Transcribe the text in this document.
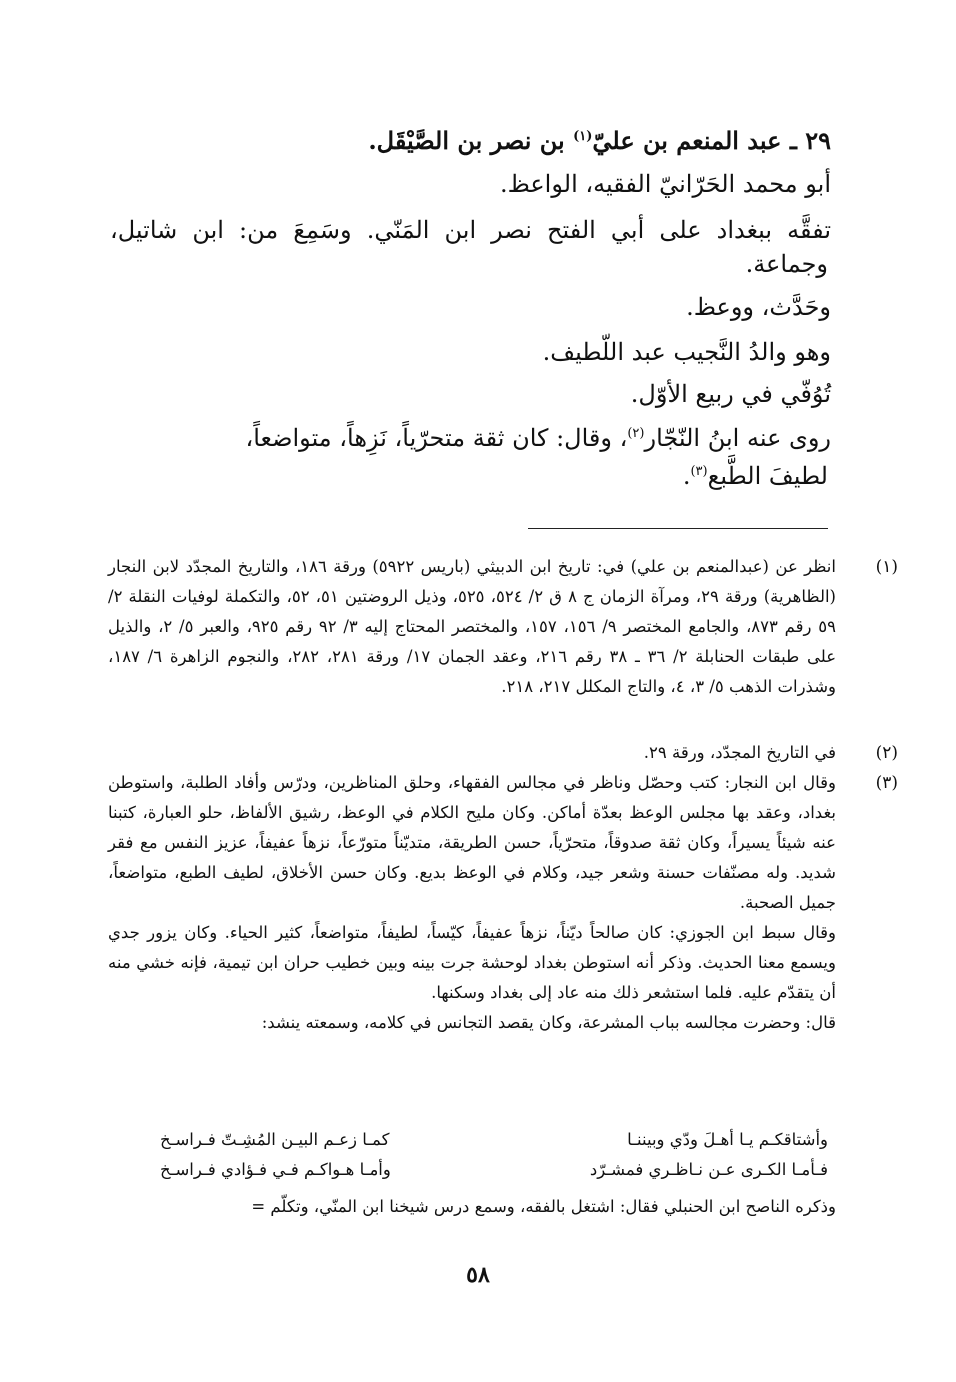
٢٩ ـ عبد المنعم بن عليّ$^{(١)}$ بن نصر بن الصَّيْقَل.
أبو محمد الحَرّانيّ الفقيه، الواعظ.
تفقَّه ببغداد على أبي الفتح نصر ابن المَنّي. وسَمِعَ من: ابن شاتيل،
وجماعة.
وحَدَّث، ووعظ.
وهو والدُ النَّجيب عبد اللّطيف.
تُوُفّي في ربيع الأوّل.
روى عنه ابنُ النّجّار$^{(٢)}$، وقال: كان ثقة متحرّياً، نَزِهاً، متواضعاً،
لطيفَ الطَّبع$^{(٣)}$.
(١)

انظر عن (عبدالمنعم بن علي) في: تاريخ ابن الدبيثي (باريس ٥٩٢٢) ورقة ١٨٦، والتاريخ المجدّد لابن النجار (الظاهرية) ورقة ٢٩، ومرآة الزمان ج ٨ ق ٢/ ٥٢٤، ٥٢٥، وذيل الروضتين ٥١، ٥٢، والتكملة لوفيات النقلة ٢/ ٥٩ رقم ٨٧٣، والجامع المختصر ٩/ ١٥٦، ١٥٧، والمختصر المحتاج إليه ٣/ ٩٢ رقم ٩٢٥، والعبر ٥/ ٢، والذيل على طبقات الحنابلة ٢/ ٣٦ ـ ٣٨ رقم ٢١٦، وعقد الجمان ١٧/ ورقة ٢٨١، ٢٨٢، والنجوم الزاهرة ٦/ ١٨٧، وشذرات الذهب ٥/ ٣، ٤، والتاج المكلل ٢١٧، ٢١٨.

(٢)

في التاريخ المجدّد، ورقة ٢٩.

(٣)

وقال ابن النجار: كتب وحصّل وناظر في مجالس الفقهاء، وحلق المناظرين، ودرّس وأفاد الطلبة، واستوطن بغداد، وعقد بها مجلس الوعظ بعدّة أماكن. وكان مليح الكلام في الوعظ، رشيق الألفاظ، حلو العبارة، كتبنا عنه شيئاً يسيراً، وكان ثقة صدوقاً، متحرّياً، حسن الطريقة، متديّناً متورّعاً، نزهاً عفيفاً، عزيز النفس مع فقر شديد. وله مصنّفات حسنة وشعر جيد، وكلام في الوعظ بديع. وكان حسن الأخلاق، لطيف الطبع، متواضعاً، جميل الصحبة.

وقال سبط ابن الجوزي: كان صالحاً ديّناً، نزهاً عفيفاً، كيّساً، لطيفاً، متواضعاً، كثير الحياء. وكان يزور جدي ويسمع معنا الحديث. وذكر أنه استوطن بغداد لوحشة جرت بينه وبين خطيب حران ابن تيمية، فإنه خشي منه أن يتقدّم عليه. فلما استشعر ذلك منه عاد إلى بغداد وسكنها.

قال: وحضرت مجالسه بباب المشرعة، وكان يقصد التجانس في كلامه، وسمعته ينشد:

وأشتاقكـم يـا أهـلَ ودّي وبيننـا
كمـا زعـم البيـن المُشِـتّ فـراسـخ
فـأمـا الكـرى عـن نـاظـري فمشـرّد
وأمـا هـواكـم فـي فـؤادي فـراسـخ

وذكره الناصح ابن الحنبلي فقال: اشتغل بالفقه، وسمع درس شيخنا ابن المنّي، وتكلّم =

٥٨
